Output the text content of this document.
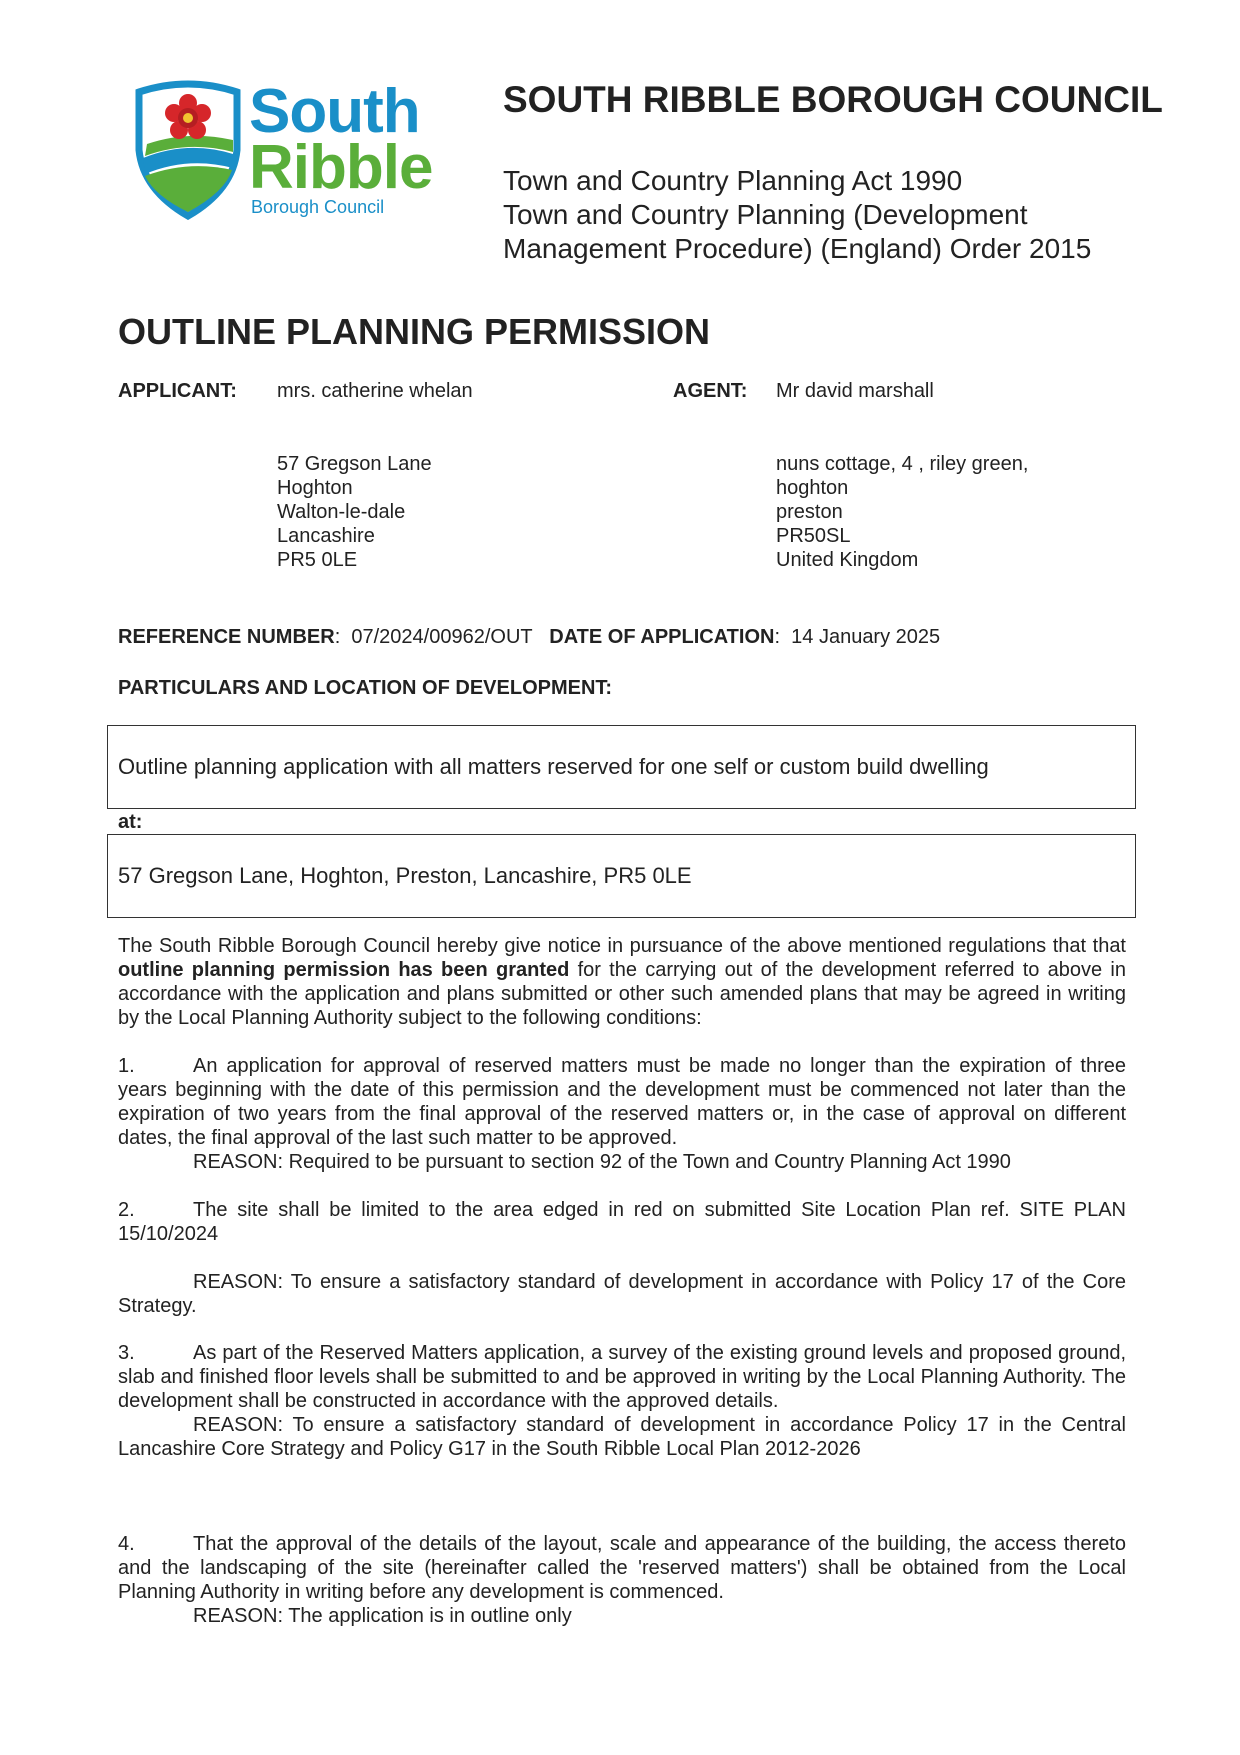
South
Ribble
Borough Council
SOUTH RIBBLE BOROUGH COUNCIL
Town and Country Planning Act 1990
Town and Country Planning (Development
Management Procedure) (England) Order 2015
OUTLINE PLANNING PERMISSION
APPLICANT: mrs. catherine whelan	AGENT: Mr david marshall
57 Gregson Lane
Hoghton
Walton-le-dale
Lancashire
PR5 0LE
nuns cottage, 4 , riley green,
hoghton
preston
PR50SL
United Kingdom
REFERENCE NUMBER:  07/2024/00962/OUT DATE OF APPLICATION:  14 January 2025
PARTICULARS AND LOCATION OF DEVELOPMENT:
Outline planning application with all matters reserved for one self or custom build dwelling
at:
57 Gregson Lane, Hoghton, Preston, Lancashire, PR5 0LE
The South Ribble Borough Council hereby give notice in pursuance of the above mentioned regulations that that outline planning permission has been granted for the carrying out of the development referred to above in accordance with the application and plans submitted or other such amended plans that may be agreed in writing by the Local Planning Authority subject to the following conditions:
1.	An application for approval of reserved matters must be made no longer than the expiration of three years beginning with the date of this permission and the development must be commenced not later than the expiration of two years from the final approval of the reserved matters or, in the case of approval on different dates, the final approval of the last such matter to be approved.
REASON: Required to be pursuant to section 92 of the Town and Country Planning Act 1990
2.	The site shall be limited to the area edged in red on submitted Site Location Plan ref. SITE PLAN 15/10/2024
REASON: To ensure a satisfactory standard of development in accordance with Policy 17 of the Core Strategy.
3.	As part of the Reserved Matters application, a survey of the existing ground levels and proposed ground, slab and finished floor levels shall be submitted to and be approved in writing by the Local Planning Authority. The development shall be constructed in accordance with the approved details.
REASON: To ensure a satisfactory standard of development in accordance Policy 17 in the Central Lancashire Core Strategy and Policy G17 in the South Ribble Local Plan 2012-2026
4.	That the approval of the details of the layout, scale and appearance of the building, the access thereto and the landscaping of the site (hereinafter called the 'reserved matters') shall be obtained from the Local Planning Authority in writing before any development is commenced.
REASON: The application is in outline only
